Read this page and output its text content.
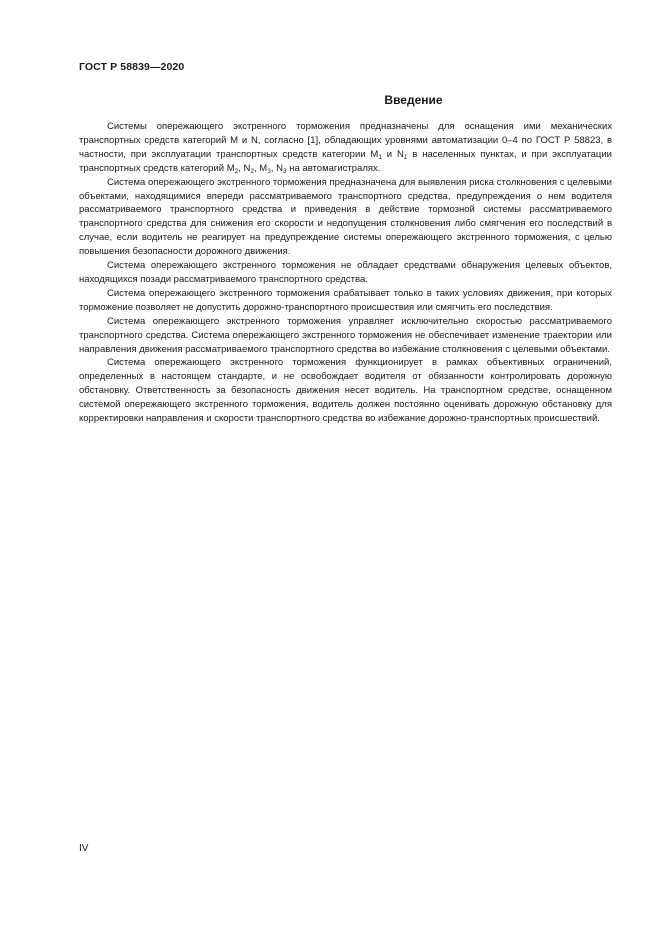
ГОСТ Р 58839—2020
Введение

Системы опережающего экстренного торможения предназначены для оснащения ими механических транспортных средств категорий M и N, согласно [1], обладающих уровнями автоматизации 0–4 по ГОСТ Р 58823, в частности, при эксплуатации транспортных средств категории $M_1$ и $N_1$ в населенных пунктах, и при эксплуатации транспортных средств категорий $M_2$, $N_2$, $M_3$, $N_3$ на автомагистралях.

Система опережающего экстренного торможения предназначена для выявления риска столкновения с целевыми объектами, находящимися впереди рассматриваемого транспортного средства, предупреждения о нем водителя рассматриваемого транспортного средства и приведения в действие тормозной системы рассматриваемого транспортного средства для снижения его скорости и недопущения столкновения либо смягчения его последствий в случае, если водитель не реагирует на предупреждение системы опережающего экстренного торможения, с целью повышения безопасности дорожного движения.

Система опережающего экстренного торможения не обладает средствами обнаружения целевых объектов, находящихся позади рассматриваемого транспортного средства.

Система опережающего экстренного торможения срабатывает только в таких условиях движения, при которых торможение позволяет не допустить дорожно-транспортного происшествия или смягчить его последствия.

Система опережающего экстренного торможения управляет исключительно скоростью рассматриваемого транспортного средства. Система опережающего экстренного торможения не обеспечивает изменение траектории или направления движения рассматриваемого транспортного средства во избежание столкновения с целевыми объектами.

Система опережающего экстренного торможения функционирует в рамках объективных ограничений, определенных в настоящем стандарте, и не освобождает водителя от обязанности контролировать дорожную обстановку. Ответственность за безопасность движения несет водитель. На транспортном средстве, оснащенном системой опережающего экстренного торможения, водитель должен постоянно оценивать дорожную обстановку для корректировки направления и скорости транспортного средства во избежание дорожно-транспортных происшествий.

IV
